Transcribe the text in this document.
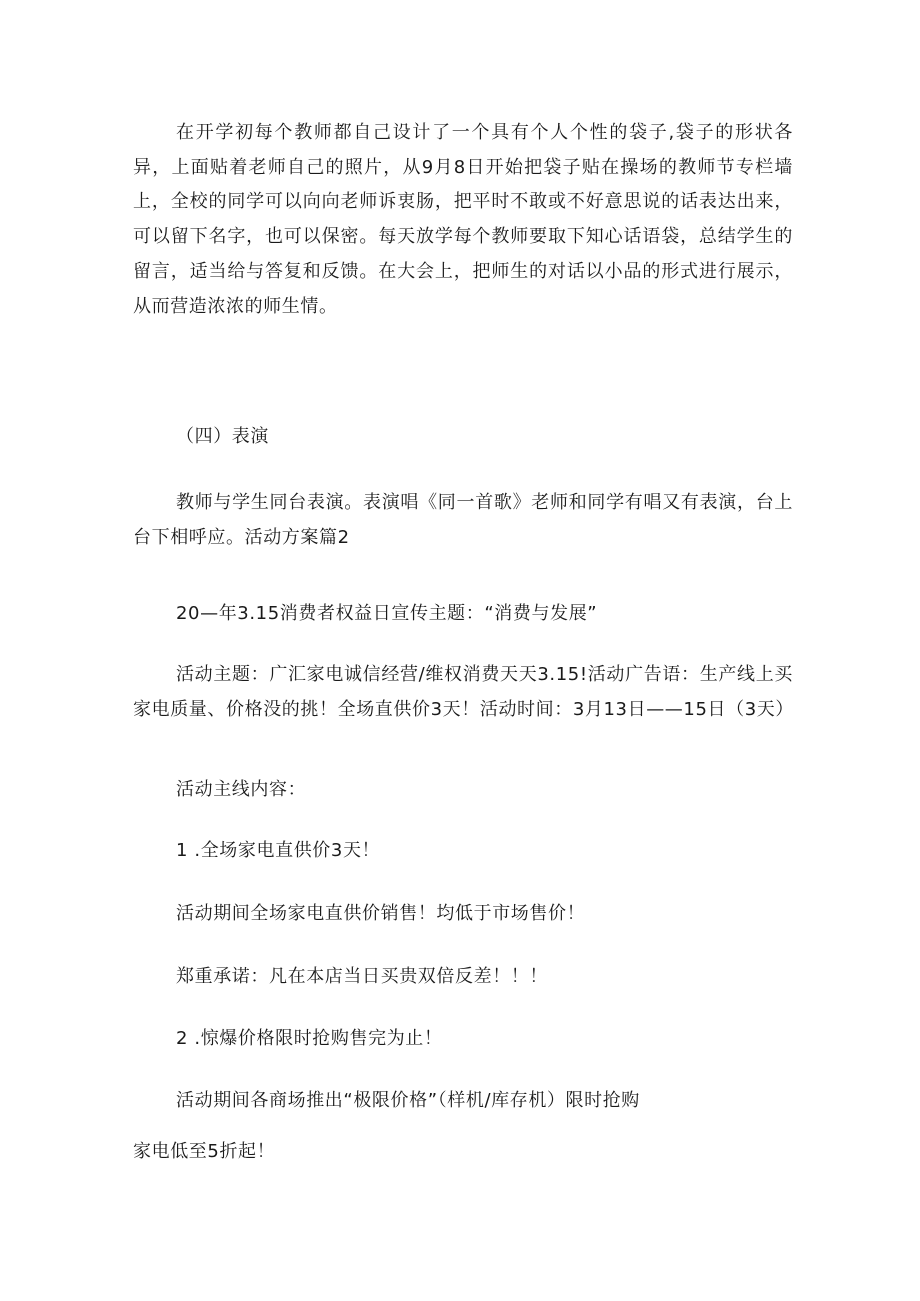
在开学初每个教师都自己设计了一个具有个人个性的袋子,袋子的形状各异，上面贴着老师自己的照片，从9月8日开始把袋子贴在操场的教师节专栏墙上，全校的同学可以向向老师诉衷肠，把平时不敢或不好意思说的话表达出来，可以留下名字，也可以保密。每天放学每个教师要取下知心话语袋，总结学生的留言，适当给与答复和反馈。在大会上，把师生的对话以小品的形式进行展示，从而营造浓浓的师生情。

（四）表演

教师与学生同台表演。表演唱《同一首歌》老师和同学有唱又有表演，台上台下相呼应。活动方案篇2

20—年3.15消费者权益日宣传主题：“消费与发展”

活动主题：广汇家电诚信经营/维权消费天天3.15!活动广告语：生产线上买家电质量、价格没的挑！全场直供价3天！活动时间：3月13日——15日（3天）

活动主线内容：

1 .全场家电直供价3天！

活动期间全场家电直供价销售！均低于市场售价！

郑重承诺：凡在本店当日买贵双倍反差！！！

2 .惊爆价格限时抢购售完为止！

活动期间各商场推出“极限价格”（样机/库存机）限时抢购

家电低至5折起！
